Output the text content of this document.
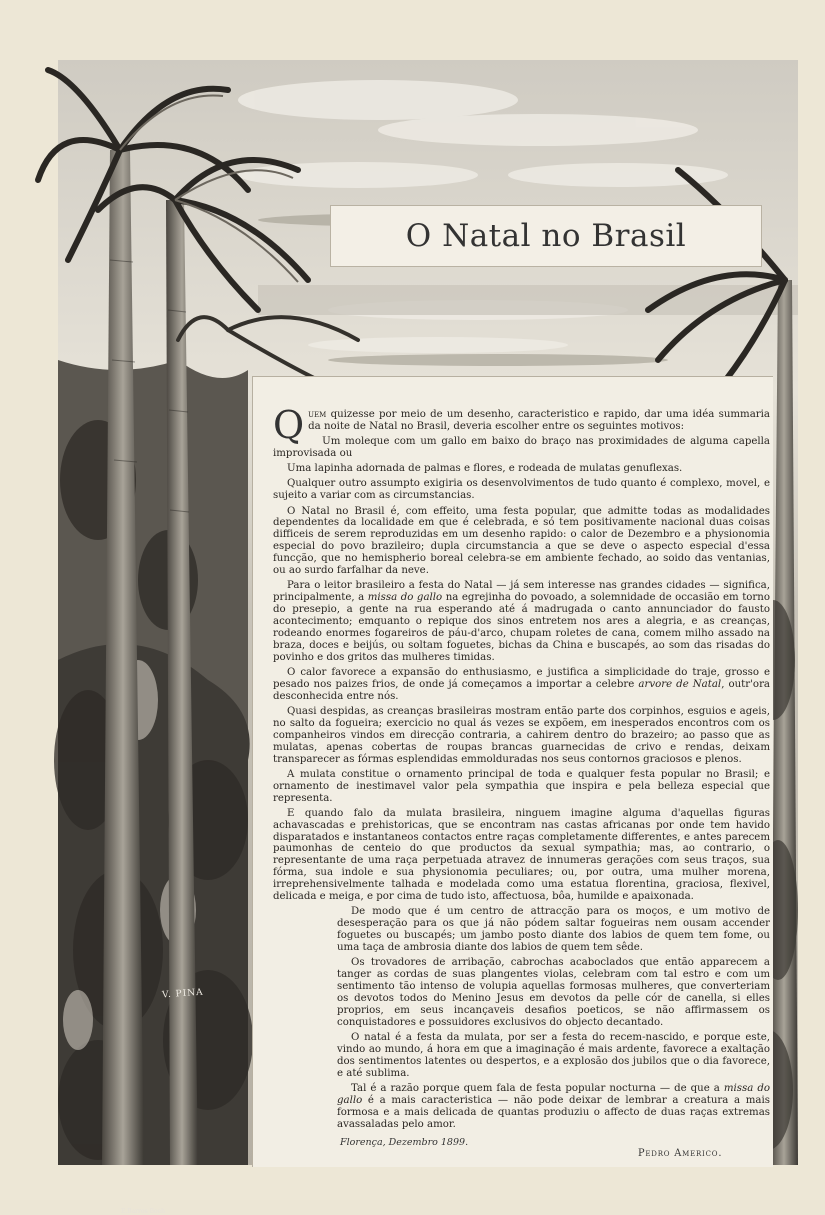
V. PINA
E.Barros Boeh
O Natal no Brasil

Quem quizesse por meio de um desenho, caracteristico e rapido, dar uma idéa summaria da noite de Natal no Brasil, deveria escolher entre os seguintes motivos:

Um moleque com um gallo em baixo do braço nas proximidades de alguma capella improvisada ou

Uma lapinha adornada de palmas e flores, e rodeada de mulatas genuflexas.

Qualquer outro assumpto exigiria os desenvolvimentos de tudo quanto é complexo, movel, e sujeito a variar com as circumstancias.

O Natal no Brasil é, com effeito, uma festa popular, que admitte todas as modalidades dependentes da localidade em que é celebrada, e só tem positivamente nacional duas coisas difficeis de serem reproduzidas em um desenho rapido: o calor de Dezembro e a physionomia especial do povo brazileiro; dupla circumstancia a que se deve o aspecto especial d'essa funcção, que no hemispherio boreal celebra-se em ambiente fechado, ao soido das ventanias, ou ao surdo farfalhar da neve.

Para o leitor brasileiro a festa do Natal — já sem interesse nas grandes cidades — significa, principalmente, a missa do gallo na egrejinha do povoado, a solemnidade de occasião em torno do presepio, a gente na rua esperando até á madrugada o canto annunciador do fausto acontecimento; emquanto o repique dos sinos entretem nos ares a alegria, e as creanças, rodeando enormes fogareiros de páu-d'arco, chupam roletes de cana, comem milho assado na braza, doces e beijús, ou soltam foguetes, bichas da China e buscapés, ao som das risadas do povinho e dos gritos das mulheres timidas.

O calor favorece a expansão do enthusiasmo, e justifica a simplicidade do traje, grosso e pesado nos paizes frios, de onde já começamos a importar a celebre arvore de Natal, outr'ora desconhecida entre nós.

Quasi despidas, as creanças brasileiras mostram então parte dos corpinhos, esguios e ageis, no salto da fogueira; exercicio no qual ás vezes se expõem, em inesperados encontros com os companheiros vindos em direcção contraria, a cahirem dentro do brazeiro; ao passo que as mulatas, apenas cobertas de roupas brancas guarnecidas de crivo e rendas, deixam transparecer as fórmas esplendidas emmolduradas nos seus contornos graciosos e plenos.

A mulata constitue o ornamento principal de toda e qualquer festa popular no Brasil; e ornamento de inestimavel valor pela sympathia que inspira e pela belleza especial que representa.

E quando falo da mulata brasileira, ninguem imagine alguma d'aquellas figuras achavascadas e prehistoricas, que se encontram nas castas africanas por onde tem havido disparatados e instantaneos contactos entre raças completamente differentes, e antes parecem paumonhas de centeio do que productos da sexual sympathia; mas, ao contrario, o representante de uma raça perpetuada atravez de innumeras gerações com seus traços, sua fórma, sua indole e sua physionomia peculiares; ou, por outra, uma mulher morena, irreprehensivelmente talhada e modelada como uma estatua florentina, graciosa, flexivel, delicada e meiga, e por cima de tudo isto, affectuosa, bôa, humilde e apaixonada.

De modo que é um centro de attracção para os moços, e um motivo de desesperação para os que já não pódem saltar fogueiras nem ousam accender foguetes ou buscapés; um jambo posto diante dos labios de quem tem fome, ou uma taça de ambrosia diante dos labios de quem tem sêde.

Os trovadores de arribação, cabrochas acaboclados que então apparecem a tanger as cordas de suas plangentes violas, celebram com tal estro e com um sentimento tão intenso de volupia aquellas formosas mulheres, que converteriam os devotos todos do Menino Jesus em devotos da pelle cór de canella, si elles proprios, em seus incançaveis desafios poeticos, se não affirmassem os conquistadores e possuidores exclusivos do objecto decantado.

O natal é a festa da mulata, por ser a festa do recem-nascido, e porque este, vindo ao mundo, á hora em que a imaginação é mais ardente, favorece a exaltação dos sentimentos latentes ou despertos, e a explosão dos jubilos que o dia favorece, e até sublima.

Tal é a razão porque quem fala de festa popular nocturna — de que a missa do gallo é a mais caracteristica — não pode deixar de lembrar a creatura a mais formosa e a mais delicada de quantas produziu o affecto de duas raças extremas avassaladas pelo amor.

Florença, Dezembro 1899.
Pedro Americo.
